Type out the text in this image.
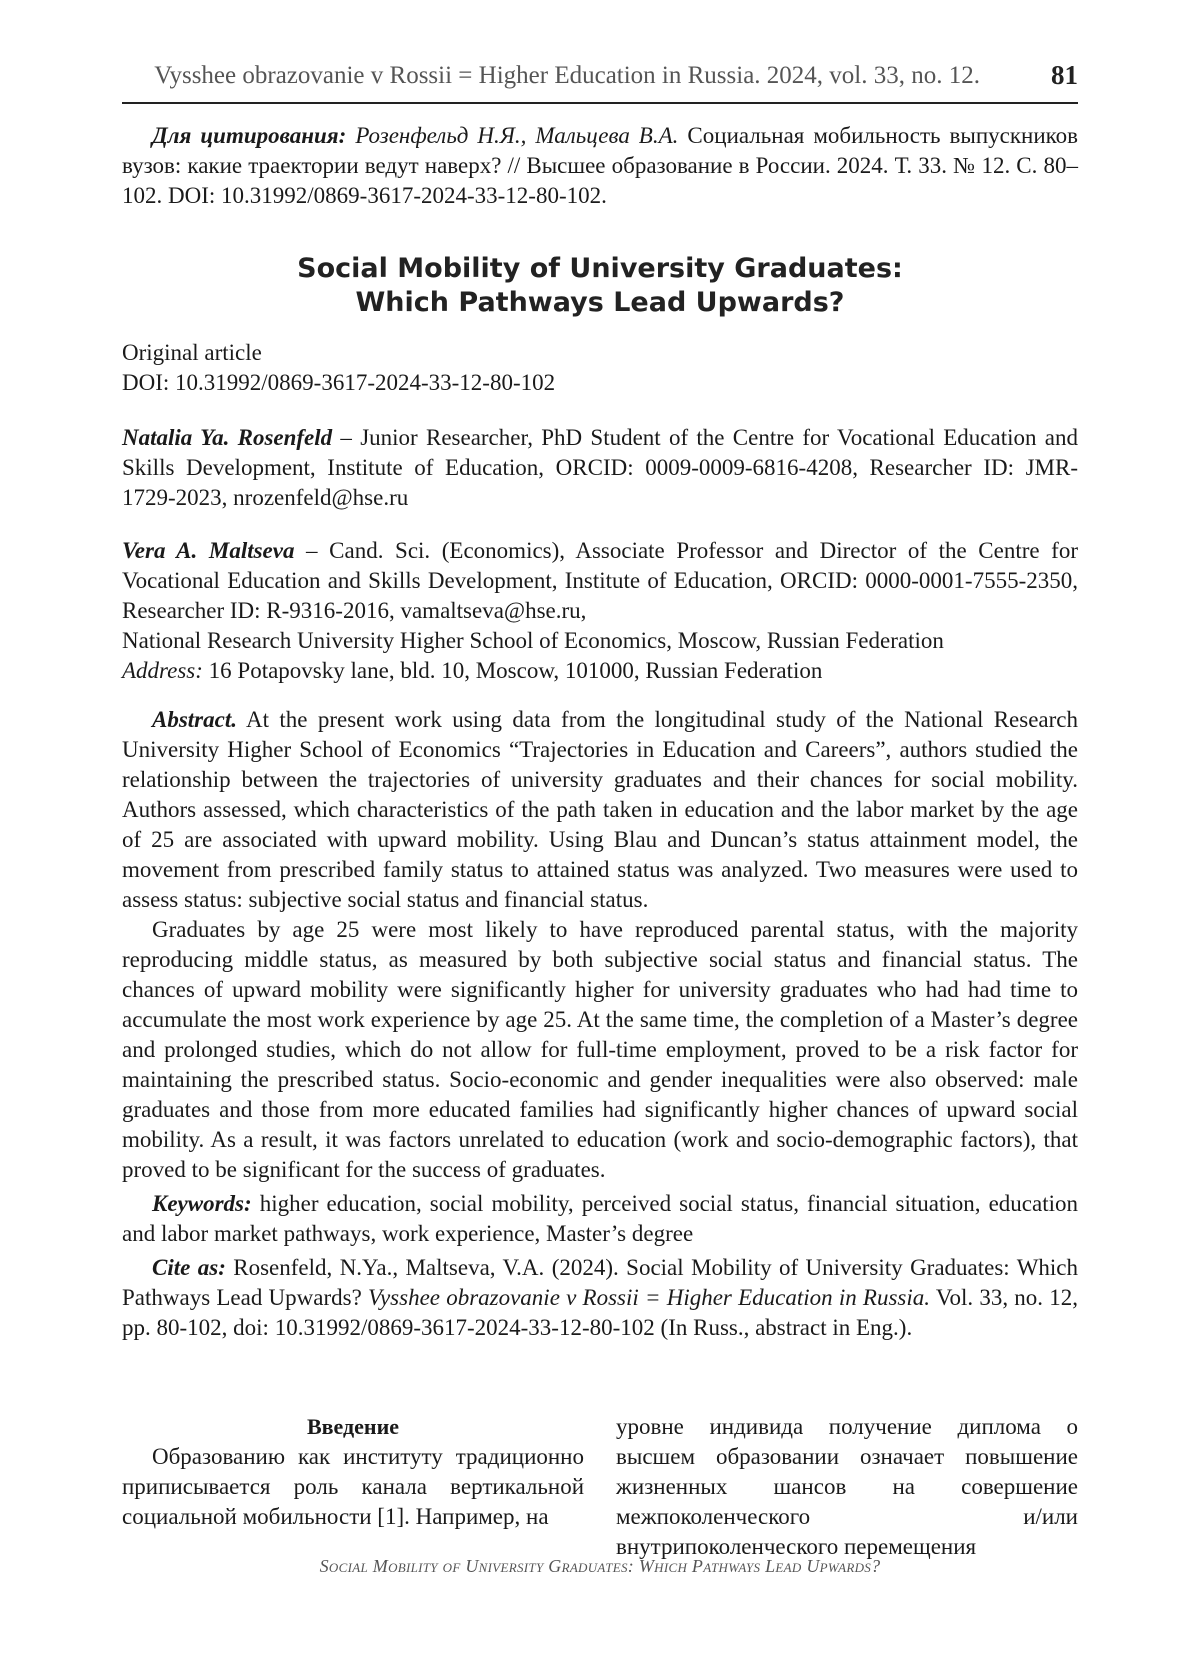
Vysshee obrazovanie v Rossii = Higher Education in Russia. 2024, vol. 33, no. 12.	81

Для цитирования: Розенфельд Н.Я., Мальцева В.А. Социальная мобильность выпускников вузов: какие траектории ведут наверх? // Высшее образование в России. 2024. Т. 33. № 12. С. 80–102. DOI: 10.31992/0869-3617-2024-33-12-80-102.

Social Mobility of University Graduates:
Which Pathways Lead Upwards?
Original article
DOI: 10.31992/0869-3617-2024-33-12-80-102

Natalia Ya. Rosenfeld – Junior Researcher, PhD Student of the Centre for Vocational Education and Skills Development, Institute of Education, ORCID: 0009-0009-6816-4208, Researcher ID: JMR-1729-2023, nrozenfeld@hse.ru

Vera A. Maltseva – Cand. Sci. (Economics), Associate Professor and Director of the Centre for Vocational Education and Skills Development, Institute of Education, ORCID: 0000-0001-7555-2350, Researcher ID: R-9316-2016, vamaltseva@hse.ru,

National Research University Higher School of Economics, Moscow, Russian Federation
Address: 16 Potapovsky lane, bld. 10, Moscow, 101000, Russian Federation

Abstract. At the present work using data from the longitudinal study of the National Research University Higher School of Economics “Trajectories in Education and Careers”, authors studied the relationship between the trajectories of university graduates and their chances for social mobility. Authors assessed, which characteristics of the path taken in education and the labor market by the age of 25 are associated with upward mobility. Using Blau and Duncan’s status attainment model, the movement from prescribed family status to attained status was analyzed. Two measures were used to assess status: subjective social status and financial status.

Graduates by age 25 were most likely to have reproduced parental status, with the majority reproducing middle status, as measured by both subjective social status and financial status. The chances of upward mobility were significantly higher for university graduates who had had time to accumulate the most work experience by age 25. At the same time, the completion of a Master’s degree and prolonged studies, which do not allow for full-time employment, proved to be a risk factor for maintaining the prescribed status. Socio-economic and gender inequalities were also observed: male graduates and those from more educated families had significantly higher chances of upward social mobility. As a result, it was factors unrelated to education (work and socio-demographic factors), that proved to be significant for the success of graduates.

Keywords: higher education, social mobility, perceived social status, financial situation, education and labor market pathways, work experience, Master’s degree

Cite as: Rosenfeld, N.Ya., Maltseva, V.A. (2024). Social Mobility of University Graduates: Which Pathways Lead Upwards? Vysshee obrazovanie v Rossii = Higher Education in Russia. Vol. 33, no. 12, pp. 80-102, doi: 10.31992/0869-3617-2024-33-12-80-102 (In Russ., abstract in Eng.).

Введение

Образованию как институту традиционно приписывается роль канала вертикальной социальной мобильности [1]. Например, на

уровне индивида получение диплома о высшем образовании означает повышение жизненных шансов на совершение межпоколенческого и/или внутрипоколенческого перемещения

Social Mobility of University Graduates: Which Pathways Lead Upwards?
